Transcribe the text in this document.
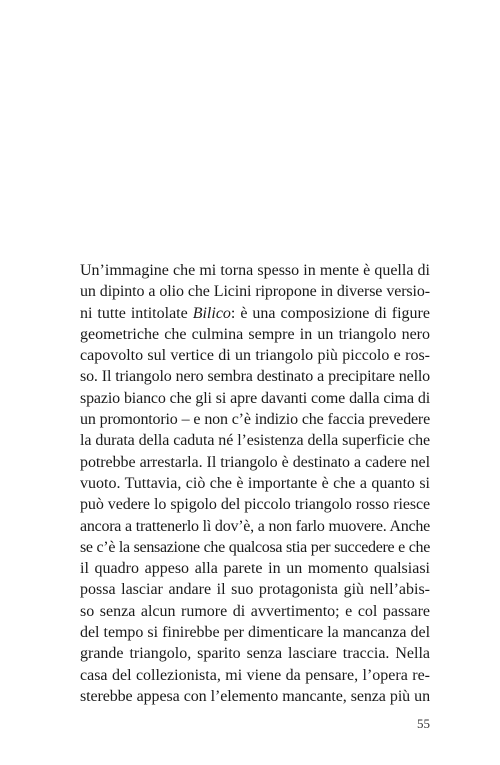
Un’immagine che mi torna spesso in mente è quella di
un dipinto a olio che Licini ripropone in diverse versio-
ni tutte intitolate Bilico: è una composizione di figure
geometriche che culmina sempre in un triangolo nero
capovolto sul vertice di un triangolo più piccolo e ros-
so. Il triangolo nero sembra destinato a precipitare nello
spazio bianco che gli si apre davanti come dalla cima di
un promontorio – e non c’è indizio che faccia prevedere
la durata della caduta né l’esistenza della superficie che
potrebbe arrestarla. Il triangolo è destinato a cadere nel
vuoto. Tuttavia, ciò che è importante è che a quanto si
può vedere lo spigolo del piccolo triangolo rosso riesce
ancora a trattenerlo lì dov’è, a non farlo muovere. Anche
se c’è la sensazione che qualcosa stia per succedere e che
il quadro appeso alla parete in un momento qualsiasi
possa lasciar andare il suo protagonista giù nell’abis-
so senza alcun rumore di avvertimento; e col passare
del tempo si finirebbe per dimenticare la mancanza del
grande triangolo, sparito senza lasciare traccia. Nella
casa del collezionista, mi viene da pensare, l’opera re-
sterebbe appesa con l’elemento mancante, senza più un
55
